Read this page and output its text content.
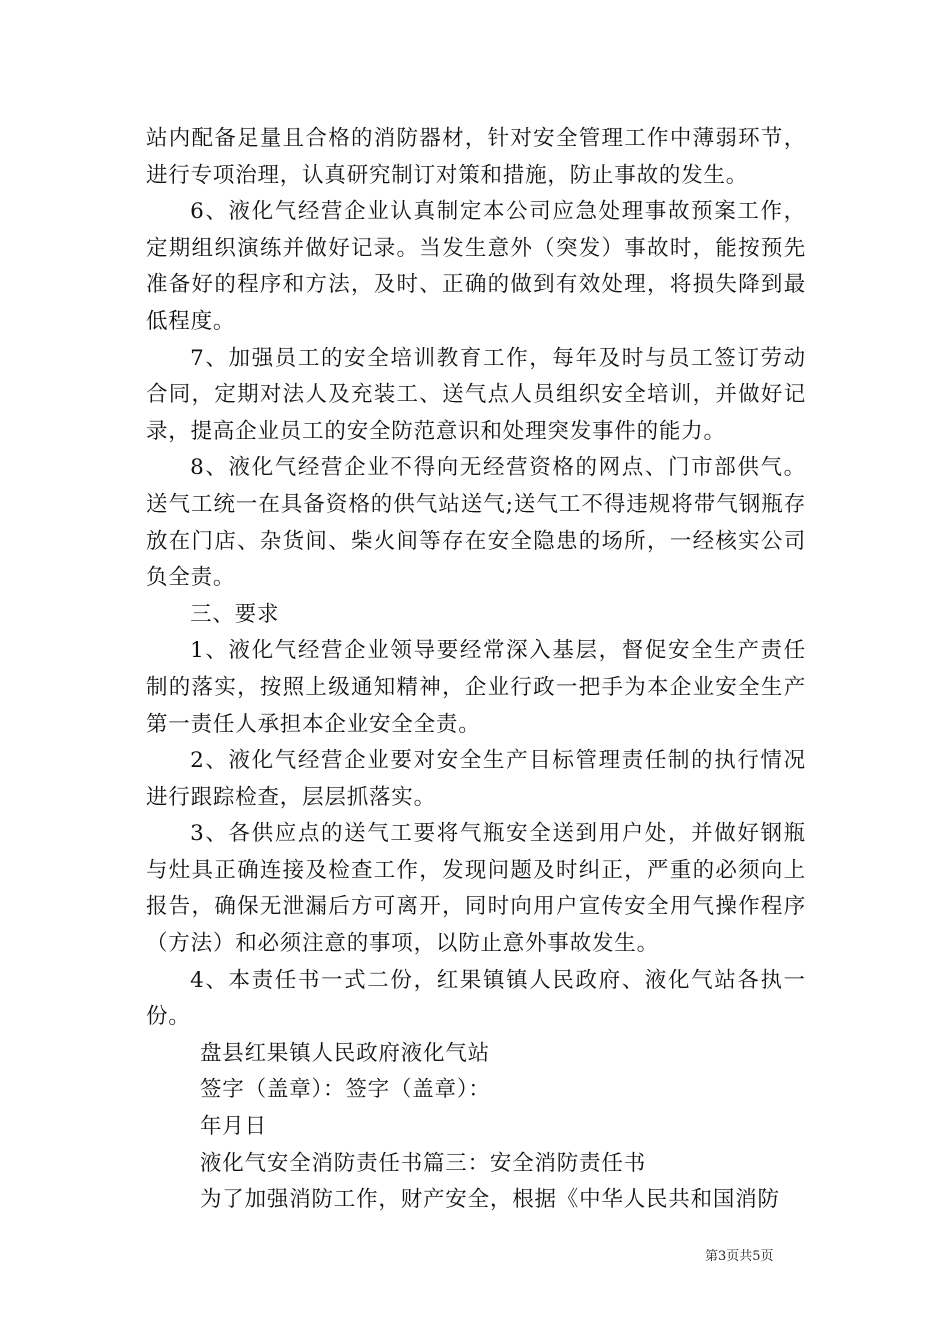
站内配备足量且合格的消防器材，针对安全管理工作中薄弱环节，进行专项治理，认真研究制订对策和措施，防止事故的发生。

6、液化气经营企业认真制定本公司应急处理事故预案工作，定期组织演练并做好记录。当发生意外（突发）事故时，能按预先准备好的程序和方法，及时、正确的做到有效处理，将损失降到最低程度。

7、加强员工的安全培训教育工作，每年及时与员工签订劳动合同，定期对法人及充装工、送气点人员组织安全培训，并做好记录，提高企业员工的安全防范意识和处理突发事件的能力。

8、液化气经营企业不得向无经营资格的网点、门市部供气。送气工统一在具备资格的供气站送气;送气工不得违规将带气钢瓶存放在门店、杂货间、柴火间等存在安全隐患的场所，一经核实公司负全责。

三、要求

1、液化气经营企业领导要经常深入基层，督促安全生产责任制的落实，按照上级通知精神，企业行政一把手为本企业安全生产第一责任人承担本企业安全全责。

2、液化气经营企业要对安全生产目标管理责任制的执行情况进行跟踪检查，层层抓落实。

3、各供应点的送气工要将气瓶安全送到用户处，并做好钢瓶与灶具正确连接及检查工作，发现问题及时纠正，严重的必须向上报告，确保无泄漏后方可离开，同时向用户宣传安全用气操作程序（方法）和必须注意的事项，以防止意外事故发生。

4、本责任书一式二份，红果镇镇人民政府、液化气站各执一份。

盘县红果镇人民政府液化气站

签字（盖章）：签字（盖章）：

年月日

液化气安全消防责任书篇三：安全消防责任书

为了加强消防工作，财产安全，根据《中华人民共和国消防

第3页共5页
